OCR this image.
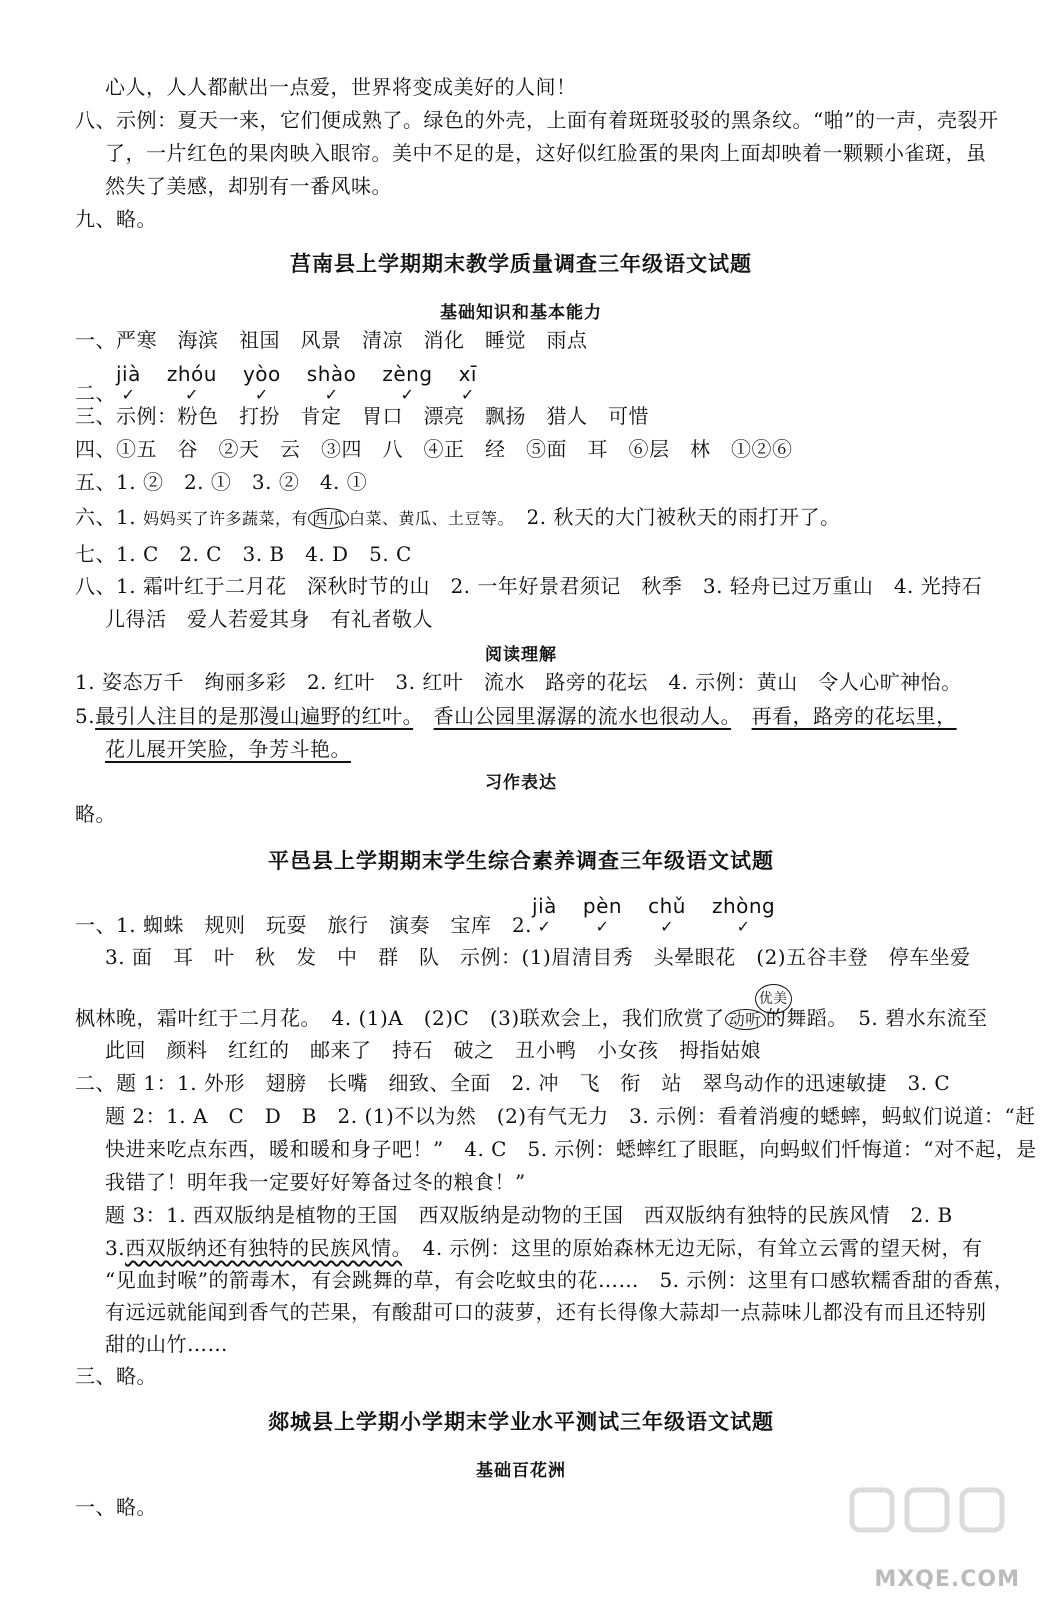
心人，人人都献出一点爱，世界将变成美好的人间！
八、示例：夏天一来，它们便成熟了。绿色的外壳，上面有着斑斑驳驳的黑条纹。“啪”的一声，壳裂开
了，一片红色的果肉映入眼帘。美中不足的是，这好似红脸蛋的果肉上面却映着一颗颗小雀斑，虽
然失了美感，却别有一番风味。
九、略。
莒南县上学期期末教学质量调查三年级语文试题
基础知识和基本能力
一、严寒　海滨　祖国　风景　清凉　消化　睡觉　雨点
二、jià
✓
zhóu
✓
yòo
✓
shào
✓
zèng
✓
xī
✓
三、示例：粉色　打扮　肯定　胃口　漂亮　飘扬　猎人　可惜
四、①五　谷　②天　云　③四　八　④正　经　⑤面　耳　⑥层　林　①②⑥
五、1. ②　2. ①　3. ②　4. ①
六、1. 妈妈买了许多蔬菜，有 西瓜 白菜、黄瓜、土豆等。　 2. 秋天的大门被秋天的雨打开了。
七、1. C　2. C　3. B　4. D　5. C
八、1. 霜叶红于二月花　深秋时节的山　2. 一年好景君须记　秋季　3. 轻舟已过万重山　4. 光持石
儿得活　爱人若爱其身　有礼者敬人
阅读理解
1. 姿态万千　绚丽多彩　2. 红叶　3. 红叶　流水　路旁的花坛　4. 示例：黄山　令人心旷神怡。
5.最引人注目的是那漫山遍野的红叶。　 香山公园里潺潺的流水也很动人。　 再看，路旁的花坛里，
花儿展开笑脸，争芳斗艳。
习作表达
略。
平邑县上学期期末学生综合素养调查三年级语文试题
一、1. 蜘蛛　规则　玩耍　旅行　演奏　宝库　2.jià
✓
pèn
✓
chǔ
✓
zhòng
✓
3. 面　耳　叶　秋　发　中　群　队　示例：(1)眉清目秀　头晕眼花　(2)五谷丰登　停车坐爱
枫林晚，霜叶红于二月花。　4. (1)A　(2)C　(3)联欢会上，我们欣赏了 动听
优美
的舞蹈。　5. 碧水东流至
此回　颜料　红红的　邮来了　持石　破之　丑小鸭　小女孩　拇指姑娘
二、题 1：1. 外形　翅膀　长嘴　细致、全面　2. 冲　飞　衔　站　翠鸟动作的迅速敏捷　3. C
题 2：1. A　C　D　B　2. (1)不以为然　(2)有气无力　3. 示例：看着消瘦的蟋蟀，蚂蚁们说道：“赶
快进来吃点东西，暖和暖和身子吧！”　4. C　5. 示例：蟋蟀红了眼眶，向蚂蚁们忏悔道：“对不起，是
我错了！明年我一定要好好筹备过冬的粮食！”
题 3：1. 西双版纳是植物的王国　西双版纳是动物的王国　西双版纳有独特的民族风情　2. B
3.西双版纳还有独特的民族风情。　4. 示例：这里的原始森林无边无际，有耸立云霄的望天树，有
“见血封喉”的箭毒木，有会跳舞的草，有会吃蚊虫的花……　5. 示例：这里有口感软糯香甜的香蕉，
有远远就能闻到香气的芒果，有酸甜可口的菠萝，还有长得像大蒜却一点蒜味儿都没有而且还特别
甜的山竹……
三、略。
郯城县上学期小学期末学业水平测试三年级语文试题
基础百花洲
一、略。
MXQE.COM
